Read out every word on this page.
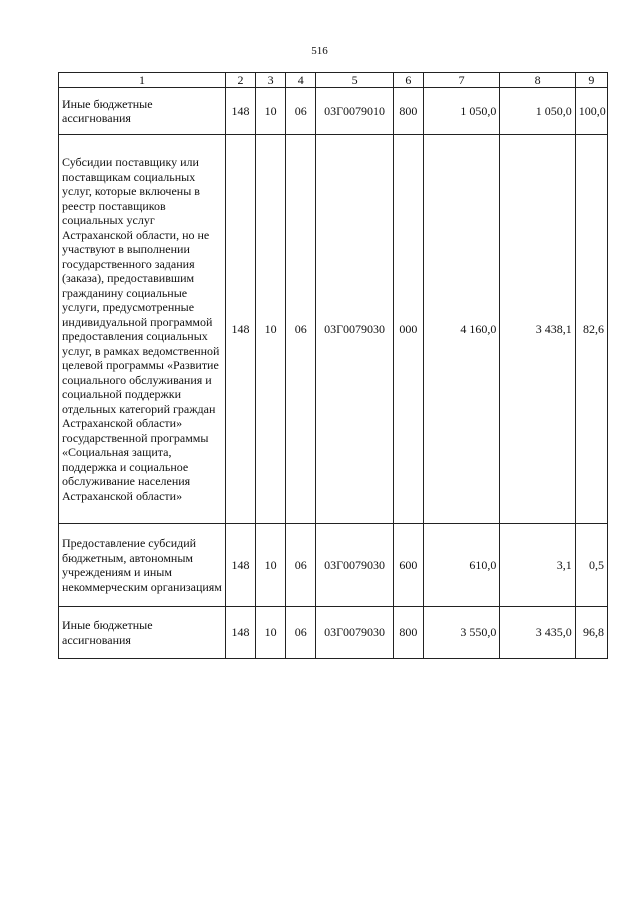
516
1	2	3	4	5	6	7	8	9
Иные бюджетные ассигнования	148	10	06	03Г0079010	800	1 050,0	1 050,0	100,0
Субсидии поставщику или поставщикам социальных услуг, которые включены в реестр поставщиков социальных услуг Астраханской области, но не участвуют в выполнении государственного задания (заказа), предоставившим гражданину социальные услуги, предусмотренные индивидуальной программой предоставления социальных услуг, в рамках ведомственной целевой программы «Развитие социального обслуживания и социальной поддержки отдельных категорий граждан Астраханской области» государственной программы «Социальная защита, поддержка и социальное обслуживание населения Астраханской области»	148	10	06	03Г0079030	000	4 160,0	3 438,1	82,6
Предоставление субсидий бюджетным, автономным учреждениям и иным некоммерческим организациям	148	10	06	03Г0079030	600	610,0	3,1	0,5
Иные бюджетные ассигнования	148	10	06	03Г0079030	800	3 550,0	3 435,0	96,8
